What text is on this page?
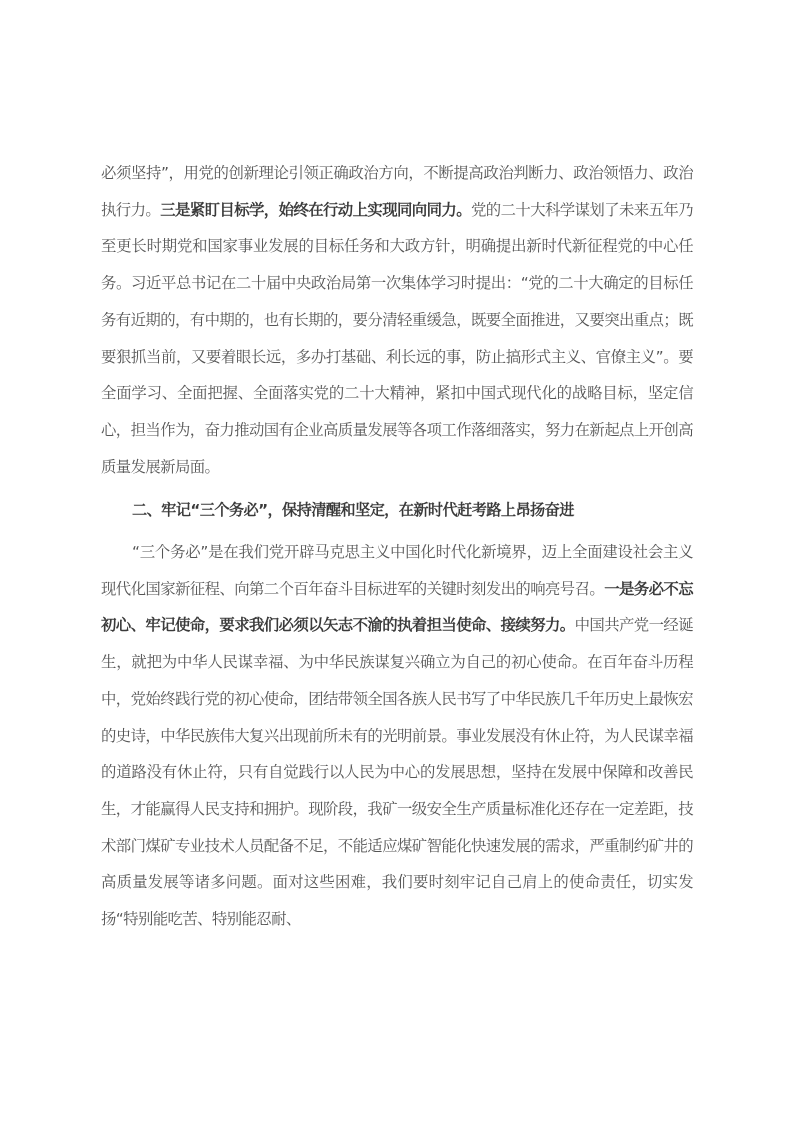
必须坚持”，用党的创新理论引领正确政治方向，不断提高政治判断力、政治领悟力、政治执行力。三是紧盯目标学，始终在行动上实现同向同力。党的二十大科学谋划了未来五年乃至更长时期党和国家事业发展的目标任务和大政方针，明确提出新时代新征程党的中心任务。习近平总书记在二十届中央政治局第一次集体学习时提出：“党的二十大确定的目标任务有近期的，有中期的，也有长期的，要分清轻重缓急，既要全面推进，又要突出重点；既要狠抓当前，又要着眼长远，多办打基础、利长远的事，防止搞形式主义、官僚主义”。要全面学习、全面把握、全面落实党的二十大精神，紧扣中国式现代化的战略目标，坚定信心，担当作为，奋力推动国有企业高质量发展等各项工作落细落实，努力在新起点上开创高质量发展新局面。

二、牢记“三个务必”，保持清醒和坚定，在新时代赶考路上昂扬奋进

“三个务必”是在我们党开辟马克思主义中国化时代化新境界，迈上全面建设社会主义现代化国家新征程、向第二个百年奋斗目标进军的关键时刻发出的响亮号召。一是务必不忘初心、牢记使命，要求我们必须以矢志不渝的执着担当使命、接续努力。中国共产党一经诞生，就把为中华人民谋幸福、为中华民族谋复兴确立为自己的初心使命。在百年奋斗历程中，党始终践行党的初心使命，团结带领全国各族人民书写了中华民族几千年历史上最恢宏的史诗，中华民族伟大复兴出现前所未有的光明前景。事业发展没有休止符，为人民谋幸福的道路没有休止符，只有自觉践行以人民为中心的发展思想，坚持在发展中保障和改善民生，才能赢得人民支持和拥护。现阶段，我矿一级安全生产质量标准化还存在一定差距，技术部门煤矿专业技术人员配备不足，不能适应煤矿智能化快速发展的需求，严重制约矿井的高质量发展等诸多问题。面对这些困难，我们要时刻牢记自己肩上的使命责任，切实发扬“特别能吃苦、特别能忍耐、
